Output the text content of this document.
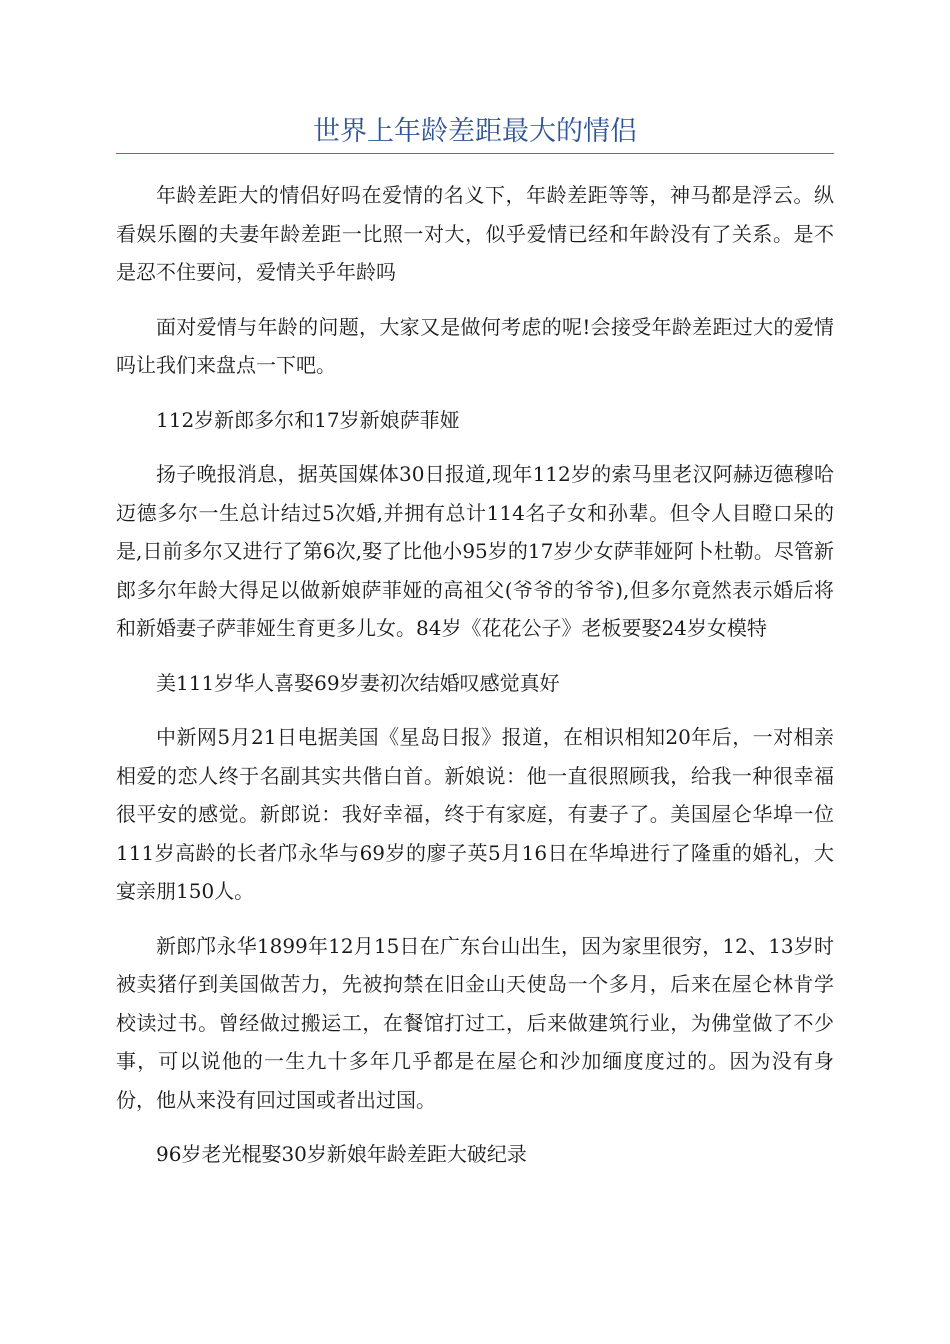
世界上年龄差距最大的情侣

年龄差距大的情侣好吗在爱情的名义下，年龄差距等等，神马都是浮云。纵看娱乐圈的夫妻年龄差距一比照一对大，似乎爱情已经和年龄没有了关系。是不是忍不住要问，爱情关乎年龄吗

面对爱情与年龄的问题，大家又是做何考虑的呢!会接受年龄差距过大的爱情吗让我们来盘点一下吧。

112岁新郎多尔和17岁新娘萨菲娅

扬子晚报消息，据英国媒体30日报道,现年112岁的索马里老汉阿赫迈德穆哈迈德多尔一生总计结过5次婚,并拥有总计114名子女和孙辈。但令人目瞪口呆的是,日前多尔又进行了第6次,娶了比他小95岁的17岁少女萨菲娅阿卜杜勒。尽管新郎多尔年龄大得足以做新娘萨菲娅的高祖父(爷爷的爷爷),但多尔竟然表示婚后将和新婚妻子萨菲娅生育更多儿女。84岁《花花公子》老板要娶24岁女模特

美111岁华人喜娶69岁妻初次结婚叹感觉真好

中新网5月21日电据美国《星岛日报》报道，在相识相知20年后，一对相亲相爱的恋人终于名副其实共偕白首。新娘说：他一直很照顾我，给我一种很幸福很平安的感觉。新郎说：我好幸福，终于有家庭，有妻子了。美国屋仑华埠一位111岁高龄的长者邝永华与69岁的廖子英5月16日在华埠进行了隆重的婚礼，大宴亲朋150人。

新郎邝永华1899年12月15日在广东台山出生，因为家里很穷，12、13岁时被卖猪仔到美国做苦力，先被拘禁在旧金山天使岛一个多月，后来在屋仑林肯学校读过书。曾经做过搬运工，在餐馆打过工，后来做建筑行业，为佛堂做了不少事，可以说他的一生九十多年几乎都是在屋仑和沙加缅度度过的。因为没有身份，他从来没有回过国或者出过国。

96岁老光棍娶30岁新娘年龄差距大破纪录
